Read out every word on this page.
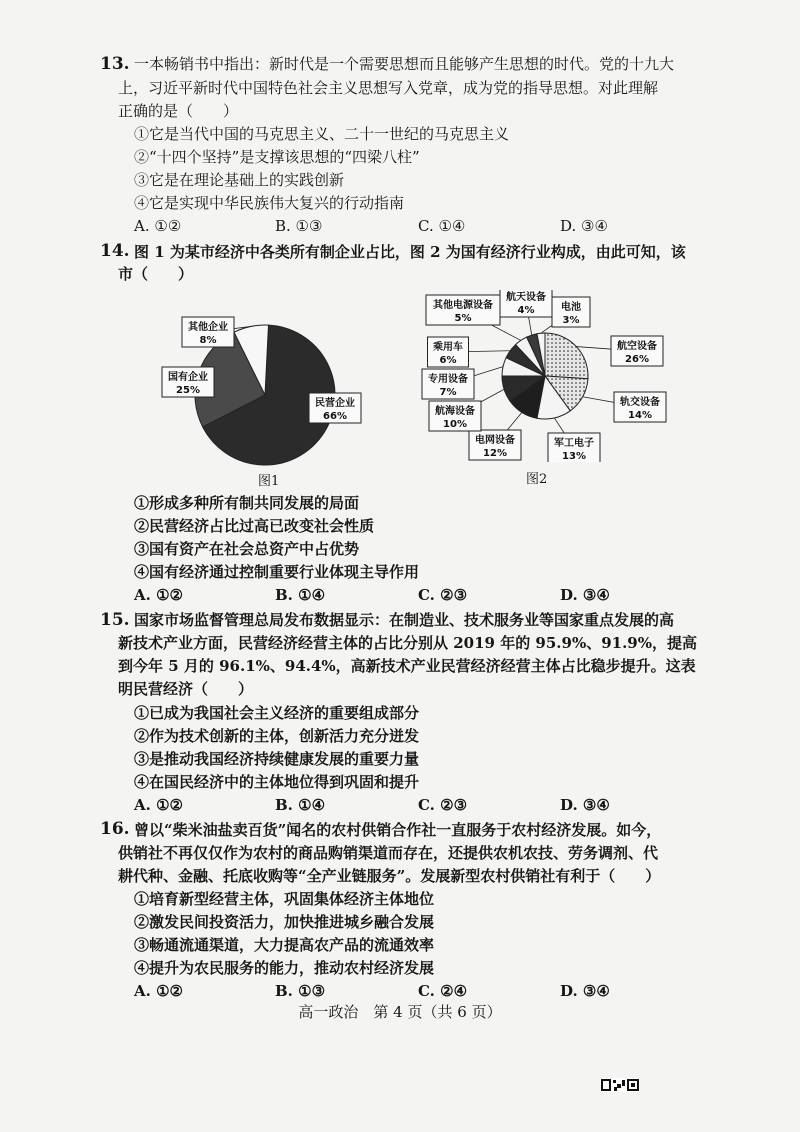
13. 一本畅销书中指出：新时代是一个需要思想而且能够产生思想的时代。党的十九大
上，习近平新时代中国特色社会主义思想写入党章，成为党的指导思想。对此理解
正确的是（　　）
①它是当代中国的马克思主义、二十一世纪的马克思主义
②“十四个坚持”是支撑该思想的“四梁八柱”
③它是在理论基础上的实践创新
④它是实现中华民族伟大复兴的行动指南
A. ①②	B. ①③	C. ①④	D. ③④
14. 图 1 为某市经济中各类所有制企业占比，图 2 为国有经济行业构成，由此可知，该
市（　　）
民营企业
66%
国有企业
25%
其他企业
8%
图1
航空设备
26%
轨交设备
14%
军工电子
13%
电网设备
12%
航海设备
10%
专用设备
7%
乘用车
6%
其他电源设备
5%
航天设备
4%	电池
3%
图2
①形成多种所有制共同发展的局面
②民营经济占比过高已改变社会性质
③国有资产在社会总资产中占优势
④国有经济通过控制重要行业体现主导作用
A. ①②	B. ①④	C. ②③	D. ③④
15. 国家市场监督管理总局发布数据显示：在制造业、技术服务业等国家重点发展的高
新技术产业方面，民营经济经营主体的占比分别从 2019 年的 95.9%、91.9%，提高
到今年 5 月的 96.1%、94.4%，高新技术产业民营经济经营主体占比稳步提升。这表
明民营经济（　　）
①已成为我国社会主义经济的重要组成部分
②作为技术创新的主体，创新活力充分迸发
③是推动我国经济持续健康发展的重要力量
④在国民经济中的主体地位得到巩固和提升
A. ①②	B. ①④	C. ②③	D. ③④
16. 曾以“柴米油盐卖百货”闻名的农村供销合作社一直服务于农村经济发展。如今，
供销社不再仅仅作为农村的商品购销渠道而存在，还提供农机农技、劳务调剂、代
耕代种、金融、托底收购等“全产业链服务”。发展新型农村供销社有利于（　　）
①培育新型经营主体，巩固集体经济主体地位
②激发民间投资活力，加快推进城乡融合发展
③畅通流通渠道，大力提高农产品的流通效率
④提升为农民服务的能力，推动农村经济发展
A. ①②	B. ①③	C. ②④	D. ③④
高一政治　第 4 页（共 6 页）
